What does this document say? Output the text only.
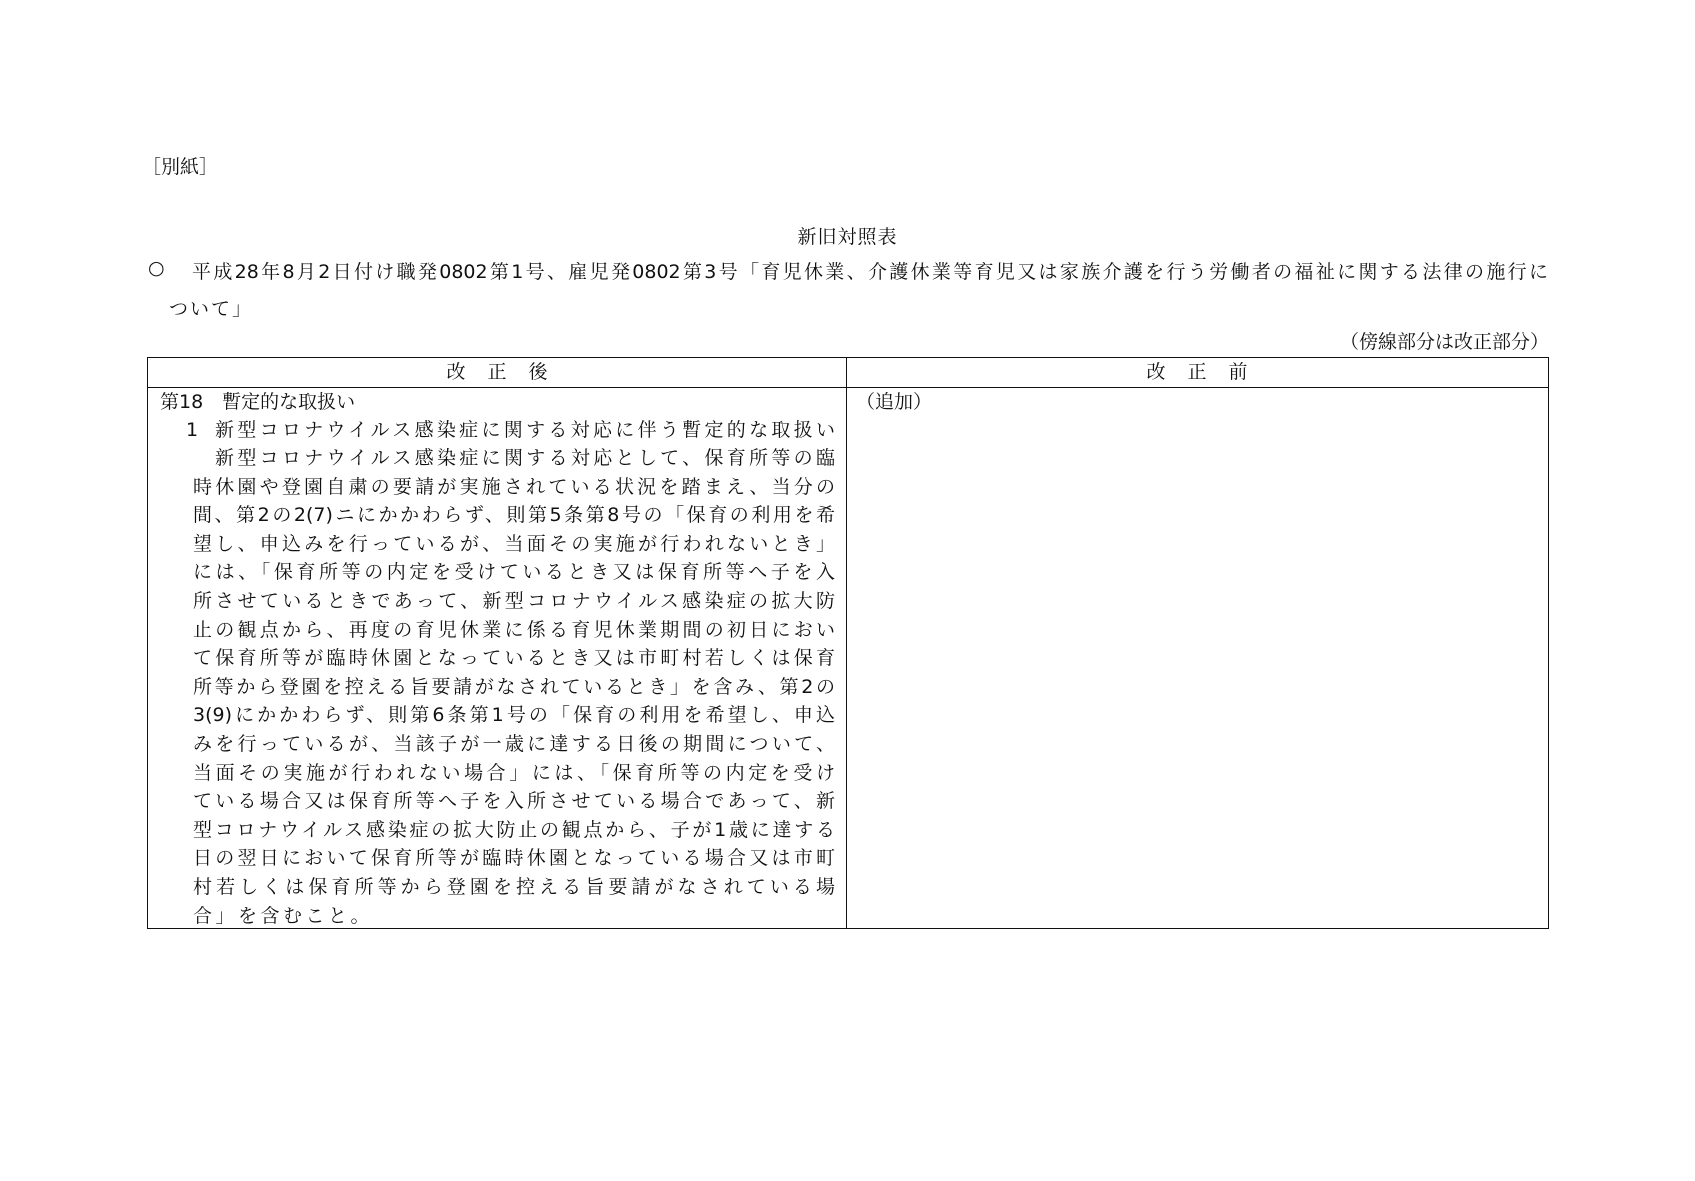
［別紙］
新旧対照表
○ 平成28年8月2日付け職発0802第1号、雇児発0802第3号「育児休業、介護休業等育児又は家族介護を行う労働者の福祉に関する法律の施行に
ついて」
（傍線部分は改正部分）
改正後	改正前
第18　暫定的な取扱い
1 新型コロナウイルス感染症に関する対応に伴う暫定的な取扱い
新型コロナウイルス感染症に関する対応として、保育所等の臨
時休園や登園自粛の要請が実施されている状況を踏まえ、当分の
間、第2の2(7)ニにかかわらず、則第5条第8号の「保育の利用を希
望し、申込みを行っているが、当面その実施が行われないとき」
には、「保育所等の内定を受けているとき又は保育所等へ子を入
所させているときであって、新型コロナウイルス感染症の拡大防
止の観点から、再度の育児休業に係る育児休業期間の初日におい
て保育所等が臨時休園となっているとき又は市町村若しくは保育
所等から登園を控える旨要請がなされているとき」を含み、第2の
3(9)にかかわらず、則第6条第1号の「保育の利用を希望し、申込
みを行っているが、当該子が一歳に達する日後の期間について、
当面その実施が行われない場合」には、「保育所等の内定を受け
ている場合又は保育所等へ子を入所させている場合であって、新
型コロナウイルス感染症の拡大防止の観点から、子が1歳に達する
日の翌日において保育所等が臨時休園となっている場合又は市町
村若しくは保育所等から登園を控える旨要請がなされている場
合」を含むこと。
（追加）
